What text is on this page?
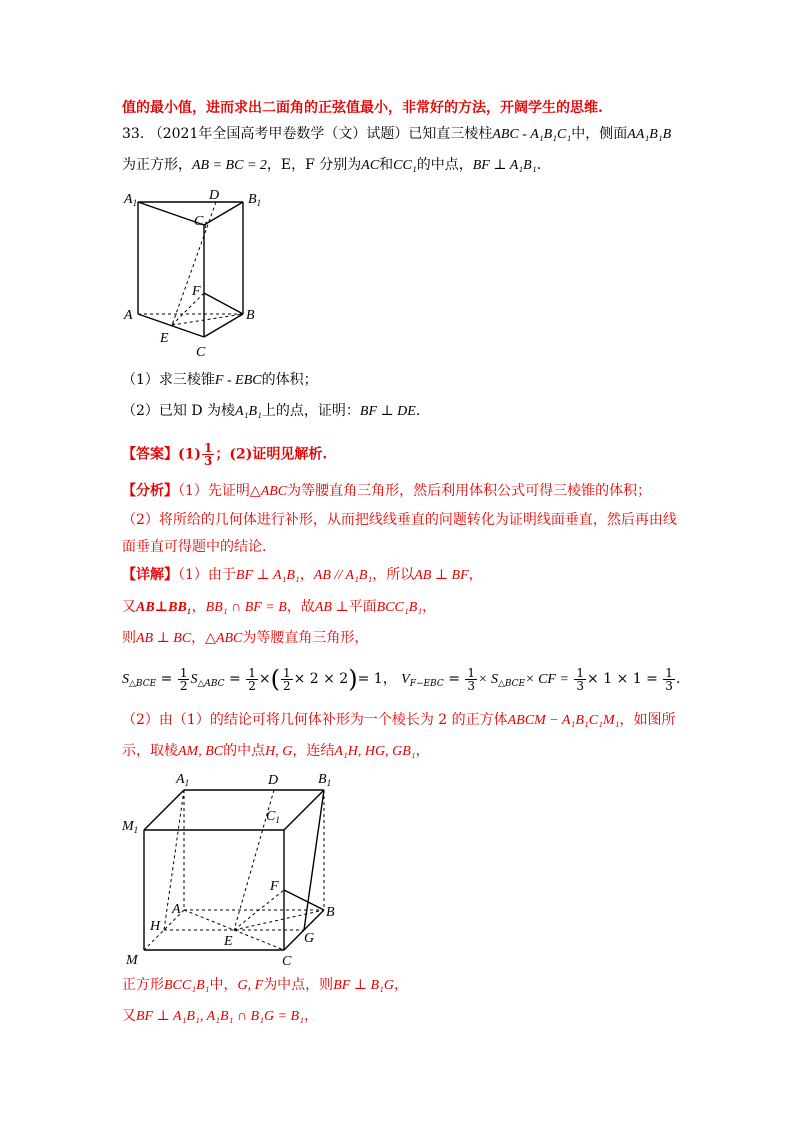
值的最小值，进而求出二面角的正弦值最小，非常好的方法，开阔学生的思维.
33. （2021年全国高考甲卷数学（文）试题）已知直三棱柱ABC - A₁B₁C₁中，侧面AA₁B₁B
为正方形，AB = BC = 2，E，F 分别为AC和CC₁的中点，BF ⊥ A₁B₁.
$A_1$	D $B_1$
$C_1$
F
A	B
E
C
（1）求三棱锥F - EBC的体积；
（2）已知 D 为棱A₁B₁上的点，证明：BF ⊥ DE.
【答案】$(1) \frac{1}{3}$ ；(2)证明见解析.
【分析】（1）先证明△ABC为等腰直角三角形，然后利用体积公式可得三棱锥的体积；
（2）将所给的几何体进行补形，从而把线线垂直的问题转化为证明线面垂直，然后再由线
面垂直可得题中的结论.
【详解】（1）由于BF ⊥ A₁B₁，AB // A₁B₁，所以AB ⊥ BF，
又AB⊥BB₁，BB₁ ∩ BF = B，故AB ⊥平面BCC₁B₁，
则AB ⊥ BC，△ABC为等腰直角三角形，
$S_{\triangle BCE} = \frac{1}{2} S_{\triangle ABC} = \frac{1}{2}$ ×( $\frac{1}{2} \times 2 \times 2)= 1$， $V_{F-EBC} = \frac{1}{3} \times S_{\triangle BCE}\times$ CF = $\frac{1}{3} \times 1 \times 1 = \frac{1}{3}$ .
（2）由（1）的结论可将几何体补形为一个棱长为 2 的正方体ABCM − A₁B₁C₁M₁，如图所
示，取棱AM, BC的中点H, G，连结A₁H, HG, GB₁，
$A_1$	D	$B_1$
$M_1$
$C_1$
F
A	B
H
E	G
M	C
正方形BCC₁B₁中，G, F为中点，则BF ⊥ B₁G，
又BF ⊥ A₁B₁, A₁B₁ ∩ B₁G = B₁，
